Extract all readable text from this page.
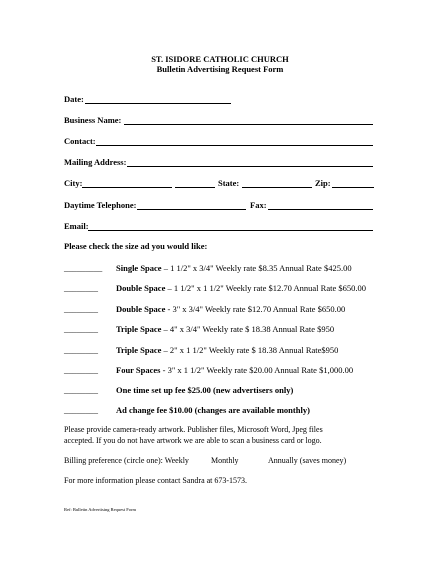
ST. ISIDORE CATHOLIC CHURCH
Bulletin Advertising Request Form
Date:
Business Name:
Contact:
Mailing Address:
City:	State:	Zip:
Daytime Telephone:	Fax:
Email:
Please check the size ad you would like:
_________ Single Space – 1 1/2" x 3/4" Weekly rate $8.35 Annual Rate $425.00
________ Double Space – 1 1/2" x 1 1/2" Weekly rate $12.70 Annual Rate $650.00
________ Double Space - 3" x 3/4" Weekly rate $12.70 Annual Rate $650.00
________ Triple Space – 4" x 3/4" Weekly rate $ 18.38 Annual Rate $950
________ Triple Space – 2" x 1 1/2" Weekly rate $ 18.38 Annual Rate$950
________ Four Spaces - 3" x 1 1/2" Weekly rate $20.00 Annual Rate $1,000.00
________ One time set up fee $25.00 (new advertisers only)
________ Ad change fee $10.00 (changes are available monthly)
Please provide camera-ready artwork. Publisher files, Microsoft Word, Jpeg files
accepted. If you do not have artwork we are able to scan a business card or logo.
Billing preference (circle one): Weekly	Monthly	Annually (saves money)
For more information please contact Sandra at 673-1573.
Ref: Bulletin Advertising Request Form
